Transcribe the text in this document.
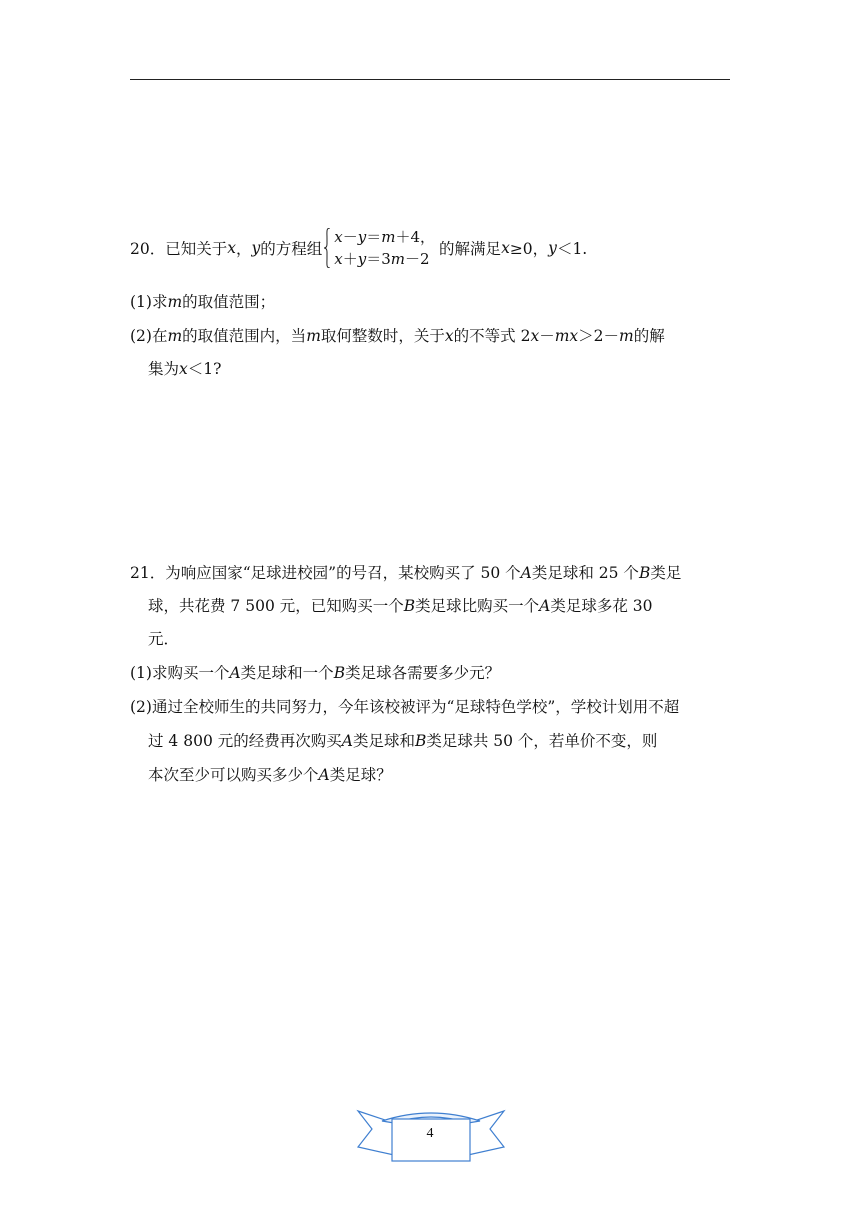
20．已知关于 x ， y 的方程组
x－y＝m＋4，
x＋y＝3m－2
的解满足 x ≥0， y ＜1.
(1)求m的取值范围；
(2)在m的取值范围内，当m取何整数时，关于x的不等式 2x－mx＞2－m的解
集为x＜1?
21．为响应国家“足球进校园”的号召，某校购买了 50 个A类足球和 25 个B类足
球，共花费 7 500 元，已知购买一个B类足球比购买一个A类足球多花 30
元．
(1)求购买一个A类足球和一个B类足球各需要多少元？
(2)通过全校师生的共同努力，今年该校被评为“足球特色学校”，学校计划用不超
过 4 800 元的经费再次购买A类足球和B类足球共 50 个，若单价不变，则
本次至少可以购买多少个A类足球？
4
